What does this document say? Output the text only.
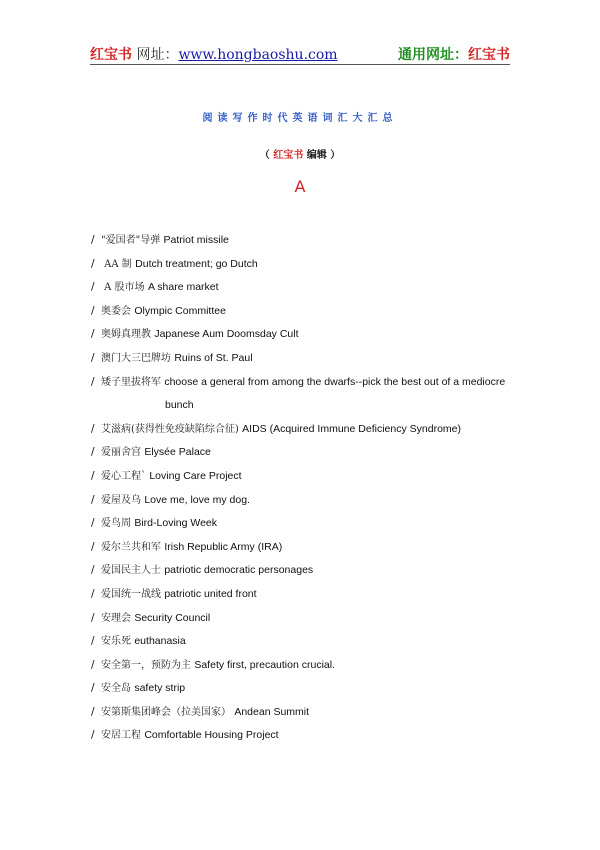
红宝书 网址：www.hongbaoshu.com	通用网址：红宝书
阅读写作时代英语词汇大汇总
（ 红宝书 编辑 ）
A
/ "爱国者"导弹 Patriot missile
/ AA 制 Dutch treatment; go Dutch
/ A 股市场 A share market
/ 奥委会 Olympic Committee
/ 奥姆真理教 Japanese Aum Doomsday Cult
/ 澳门大三巴牌坊 Ruins of St. Paul
/ 矮子里拔将军 choose a general from among the dwarfs--pick the best out of a mediocre
bunch
/ 艾滋病(获得性免疫缺陷综合征) AIDS (Acquired Immune Deficiency Syndrome)
/ 爱丽舍宫 Elysée Palace
/ 爱心工程` Loving Care Project
/ 爱屋及乌 Love me, love my dog.
/ 爱鸟周 Bird-Loving Week
/ 爱尔兰共和军 Irish Republic Army (IRA)
/ 爱国民主人士 patriotic democratic personages
/ 爱国统一战线 patriotic united front
/ 安理会 Security Council
/ 安乐死 euthanasia
/ 安全第一，预防为主 Safety first, precaution crucial.
/ 安全岛 safety strip
/ 安第斯集团峰会（拉美国家） Andean Summit
/ 安居工程 Comfortable Housing Project
